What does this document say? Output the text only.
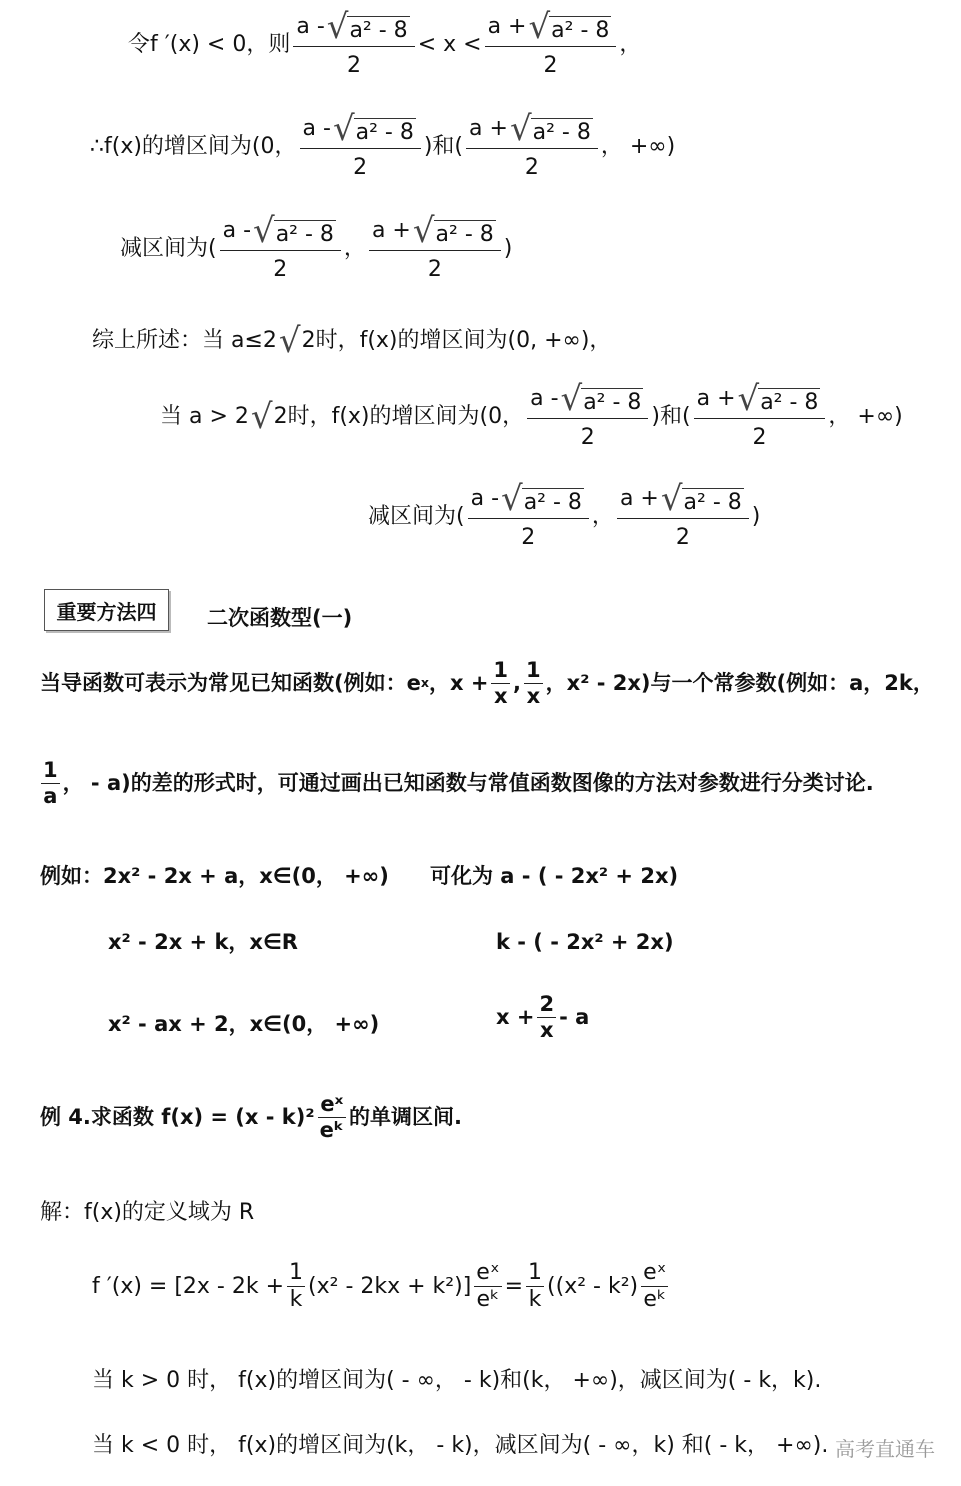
令 f ′(x) < 0，则 $\frac{\text{a - √ a² - 8}}{2} < x < \frac{\text{a + √ a² - 8}}{2}$ ，
∴f(x)的增区间为(0， $\frac{\text{a - √ a² - 8}}{2}$ )和( $\frac{\text{a + √ a² - 8}}{2}$ ， +∞)
减区间为( $\frac{\text{a - √ a² - 8}}{2}$ ， $\frac{\text{a + √ a² - 8}}{2}$ )
综上所述：当 a≤2 √ 2时，f(x)的增区间为(0, +∞)，
当 a > 2 √ 2时，f(x)的增区间为(0， $\frac{\text{a - √ a² - 8}}{2}$ )和( $\frac{\text{a + √ a² - 8}}{2}$ ， +∞)
减区间为( $\frac{\text{a - √ a² - 8}}{2}$ ， $\frac{\text{a + √ a² - 8}}{2}$ )
重要方法四	二次函数型(一)
当导函数可表示为常见已知函数(例如：e x ，$x + \frac{1}{x}$ , $\frac{1}{x}$ ，x² - 2x)与一个常参数(例如：a，2k，
$\frac{1}{a}$ ， - a)的差的形式时，可通过画出已知函数与常值函数图像的方法对参数进行分类讨论.
例如：2x² - 2x + a，x∈(0， +∞) 可化为 a - ( - 2x² + 2x)
x² - 2x + k，x∈R	k - ( - 2x² + 2x)
x² - ax + 2，x∈(0， +∞)	$x + \frac{2}{x} - a$
例 4.求函数 $f(x) = (x - k)^2 \frac{\text{eˣ}}{\text{eᵏ}}$ 的单调区间.
解：f(x)的定义域为 R
f $'(x) = [2x - 2k + \frac{1}{k} (x^2 - 2kx + k^2)] \frac{\text{eˣ}}{\text{eᵏ}} = \frac{1}{k} ((x^2 - k^2) \frac{\text{eˣ}}{\text{eᵏ}}$
当 k > 0 时， f(x)的增区间为( - ∞， - k)和(k， +∞)，减区间为( - k，k).
当 k < 0 时， f(x)的增区间为(k， - k)，减区间为( - ∞，k) 和( - k， +∞). 高考直通车
